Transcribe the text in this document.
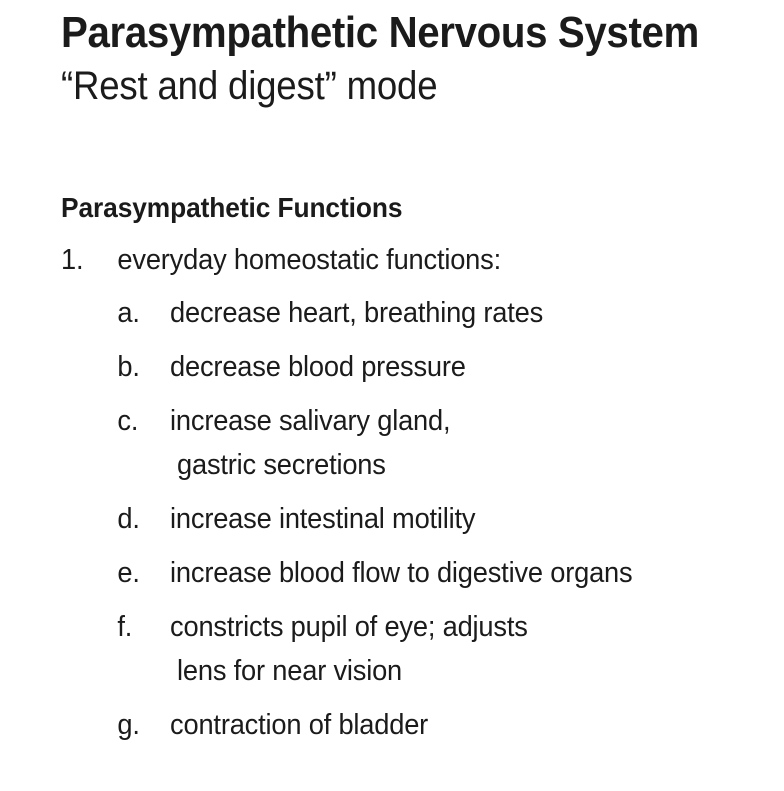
Parasympathetic Nervous System
“Rest and digest” mode
Parasympathetic Functions
1.	everyday homeostatic functions:
a.	decrease heart, breathing rates
b.	decrease blood pressure
c.	increase salivary gland,
gastric secretions
d.	increase intestinal motility
e.	increase blood flow to digestive organs
f.	constricts pupil of eye; adjusts
lens for near vision
g.	contraction of bladder
